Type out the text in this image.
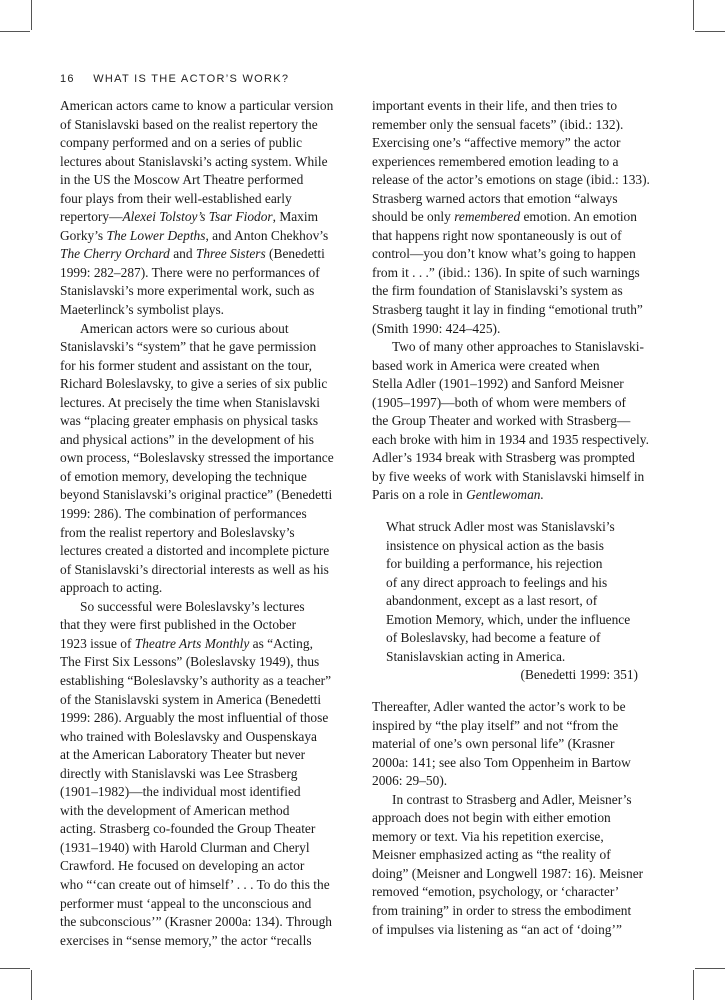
16 WHAT IS THE ACTOR’S WORK?
American actors came to know a particular version
of Stanislavski based on the realist repertory the
company performed and on a series of public
lectures about Stanislavski’s acting system. While
in the US the Moscow Art Theatre performed
four plays from their well-established early
repertory—Alexei Tolstoy’s Tsar Fiodor, Maxim
Gorky’s The Lower Depths, and Anton Chekhov’s
The Cherry Orchard and Three Sisters (Benedetti
1999: 282–287). There were no performances of
Stanislavski’s more experimental work, such as
Maeterlinck’s symbolist plays.
American actors were so curious about
Stanislavski’s “system” that he gave permission
for his former student and assistant on the tour,
Richard Boleslavsky, to give a series of six public
lectures. At precisely the time when Stanislavski
was “placing greater emphasis on physical tasks
and physical actions” in the development of his
own process, “Boleslavsky stressed the importance
of emotion memory, developing the technique
beyond Stanislavski’s original practice” (Benedetti
1999: 286). The combination of performances
from the realist repertory and Boleslavsky’s
lectures created a distorted and incomplete picture
of Stanislavski’s directorial interests as well as his
approach to acting.
So successful were Boleslavsky’s lectures
that they were first published in the October
1923 issue of Theatre Arts Monthly as “Acting,
The First Six Lessons” (Boleslavsky 1949), thus
establishing “Boleslavsky’s authority as a teacher”
of the Stanislavski system in America (Benedetti
1999: 286). Arguably the most influential of those
who trained with Boleslavsky and Ouspenskaya
at the American Laboratory Theater but never
directly with Stanislavski was Lee Strasberg
(1901–1982)—the individual most identified
with the development of American method
acting. Strasberg co-founded the Group Theater
(1931–1940) with Harold Clurman and Cheryl
Crawford. He focused on developing an actor
who “‘can create out of himself’ . . . To do this the
performer must ‘appeal to the unconscious and
the subconscious’” (Krasner 2000a: 134). Through
exercises in “sense memory,” the actor “recalls
important events in their life, and then tries to
remember only the sensual facets” (ibid.: 132).
Exercising one’s “affective memory” the actor
experiences remembered emotion leading to a
release of the actor’s emotions on stage (ibid.: 133).
Strasberg warned actors that emotion “always
should be only remembered emotion. An emotion
that happens right now spontaneously is out of
control—you don’t know what’s going to happen
from it . . .” (ibid.: 136). In spite of such warnings
the firm foundation of Stanislavski’s system as
Strasberg taught it lay in finding “emotional truth”
(Smith 1990: 424–425).
Two of many other approaches to Stanislavski-
based work in America were created when
Stella Adler (1901–1992) and Sanford Meisner
(1905–1997)—both of whom were members of
the Group Theater and worked with Strasberg—
each broke with him in 1934 and 1935 respectively.
Adler’s 1934 break with Strasberg was prompted
by five weeks of work with Stanislavski himself in
Paris on a role in Gentlewoman.
What struck Adler most was Stanislavski’s
insistence on physical action as the basis
for building a performance, his rejection
of any direct approach to feelings and his
abandonment, except as a last resort, of
Emotion Memory, which, under the influence
of Boleslavsky, had become a feature of
Stanislavskian acting in America.
(Benedetti 1999: 351)
Thereafter, Adler wanted the actor’s work to be
inspired by “the play itself” and not “from the
material of one’s own personal life” (Krasner
2000a: 141; see also Tom Oppenheim in Bartow
2006: 29–50).
In contrast to Strasberg and Adler, Meisner’s
approach does not begin with either emotion
memory or text. Via his repetition exercise,
Meisner emphasized acting as “the reality of
doing” (Meisner and Longwell 1987: 16). Meisner
removed “emotion, psychology, or ‘character’
from training” in order to stress the embodiment
of impulses via listening as “an act of ‘doing’”
